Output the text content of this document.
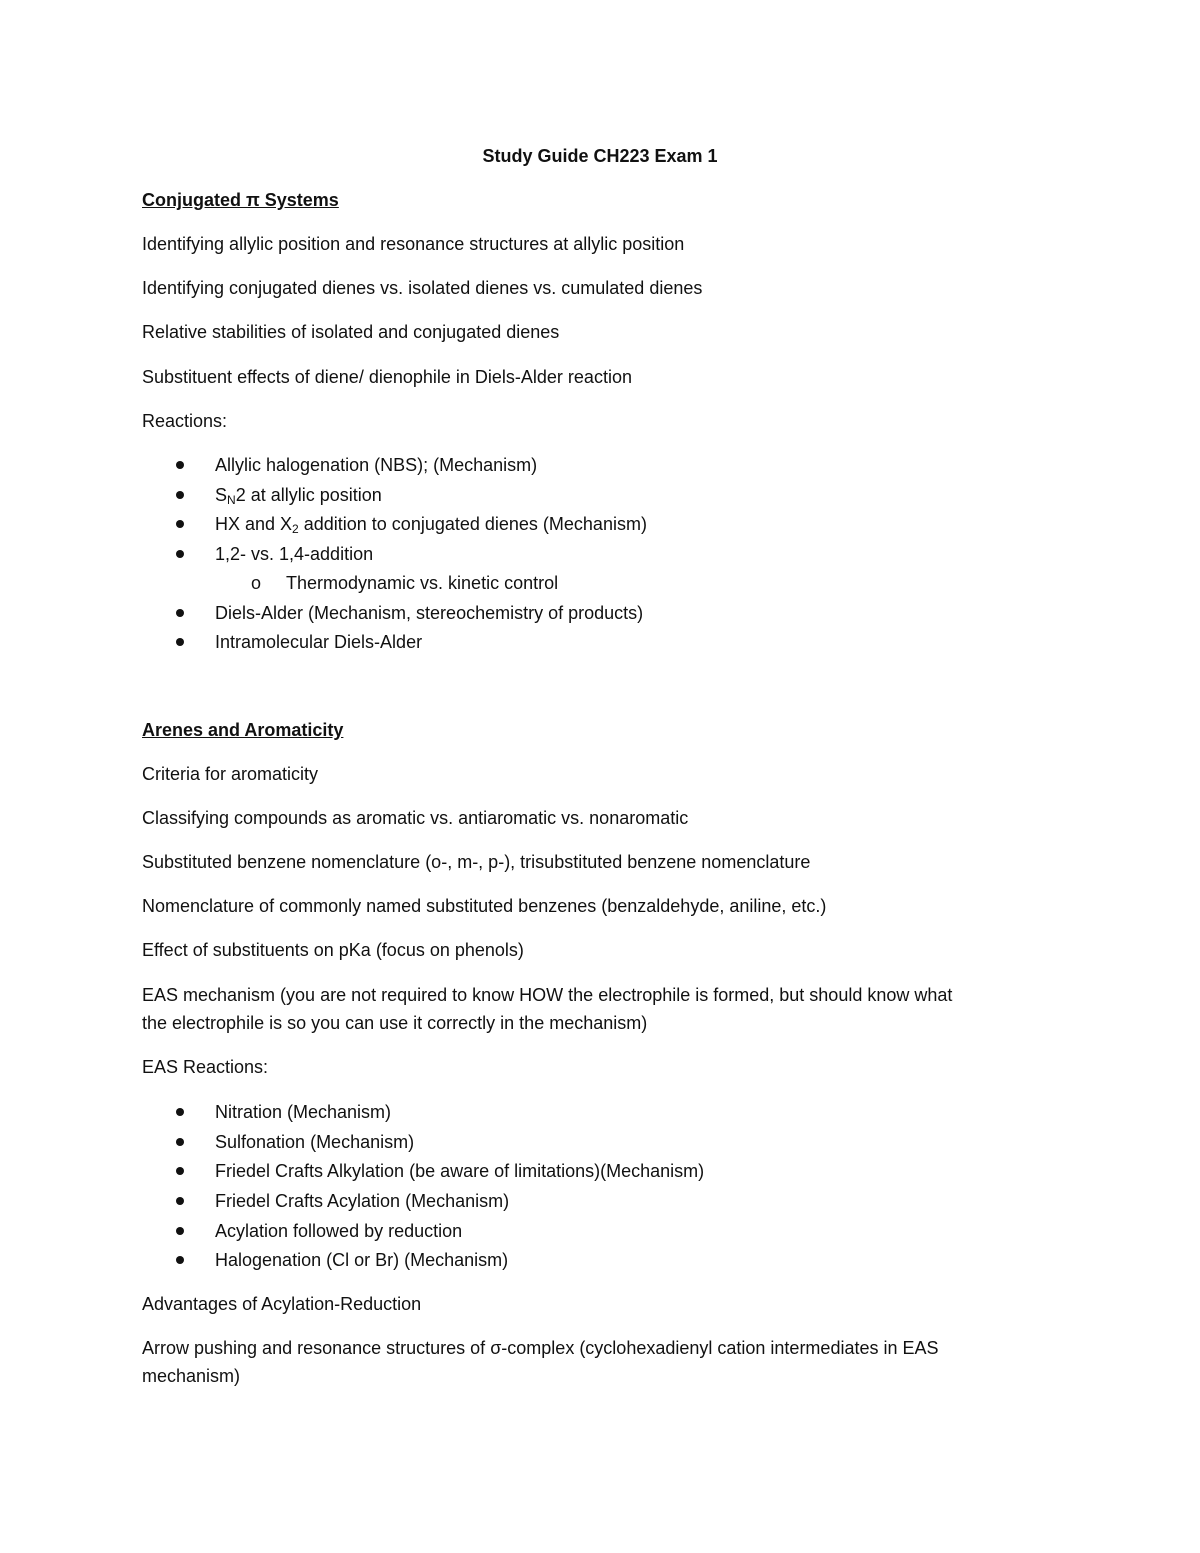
Study Guide CH223 Exam 1
Conjugated π Systems
Identifying allylic position and resonance structures at allylic position
Identifying conjugated dienes vs. isolated dienes vs. cumulated dienes
Relative stabilities of isolated and conjugated dienes
Substituent effects of diene/ dienophile in Diels-Alder reaction
Reactions:
Allylic halogenation (NBS); (Mechanism)
$S_N2$ at allylic position
HX and $X_2$ addition to conjugated dienes (Mechanism)
1,2- vs. 1,4-addition
o Thermodynamic vs. kinetic control
Diels-Alder (Mechanism, stereochemistry of products)
Intramolecular Diels-Alder
Arenes and Aromaticity
Criteria for aromaticity
Classifying compounds as aromatic vs. antiaromatic vs. nonaromatic
Substituted benzene nomenclature (o-, m-, p-), trisubstituted benzene nomenclature
Nomenclature of commonly named substituted benzenes (benzaldehyde, aniline, etc.)
Effect of substituents on pKa (focus on phenols)
EAS mechanism (you are not required to know HOW the electrophile is formed, but should know what
the electrophile is so you can use it correctly in the mechanism)
EAS Reactions:
Nitration (Mechanism)
Sulfonation (Mechanism)
Friedel Crafts Alkylation (be aware of limitations)(Mechanism)
Friedel Crafts Acylation (Mechanism)
Acylation followed by reduction
Halogenation (Cl or Br) (Mechanism)
Advantages of Acylation-Reduction
Arrow pushing and resonance structures of σ-complex (cyclohexadienyl cation intermediates in EAS
mechanism)
